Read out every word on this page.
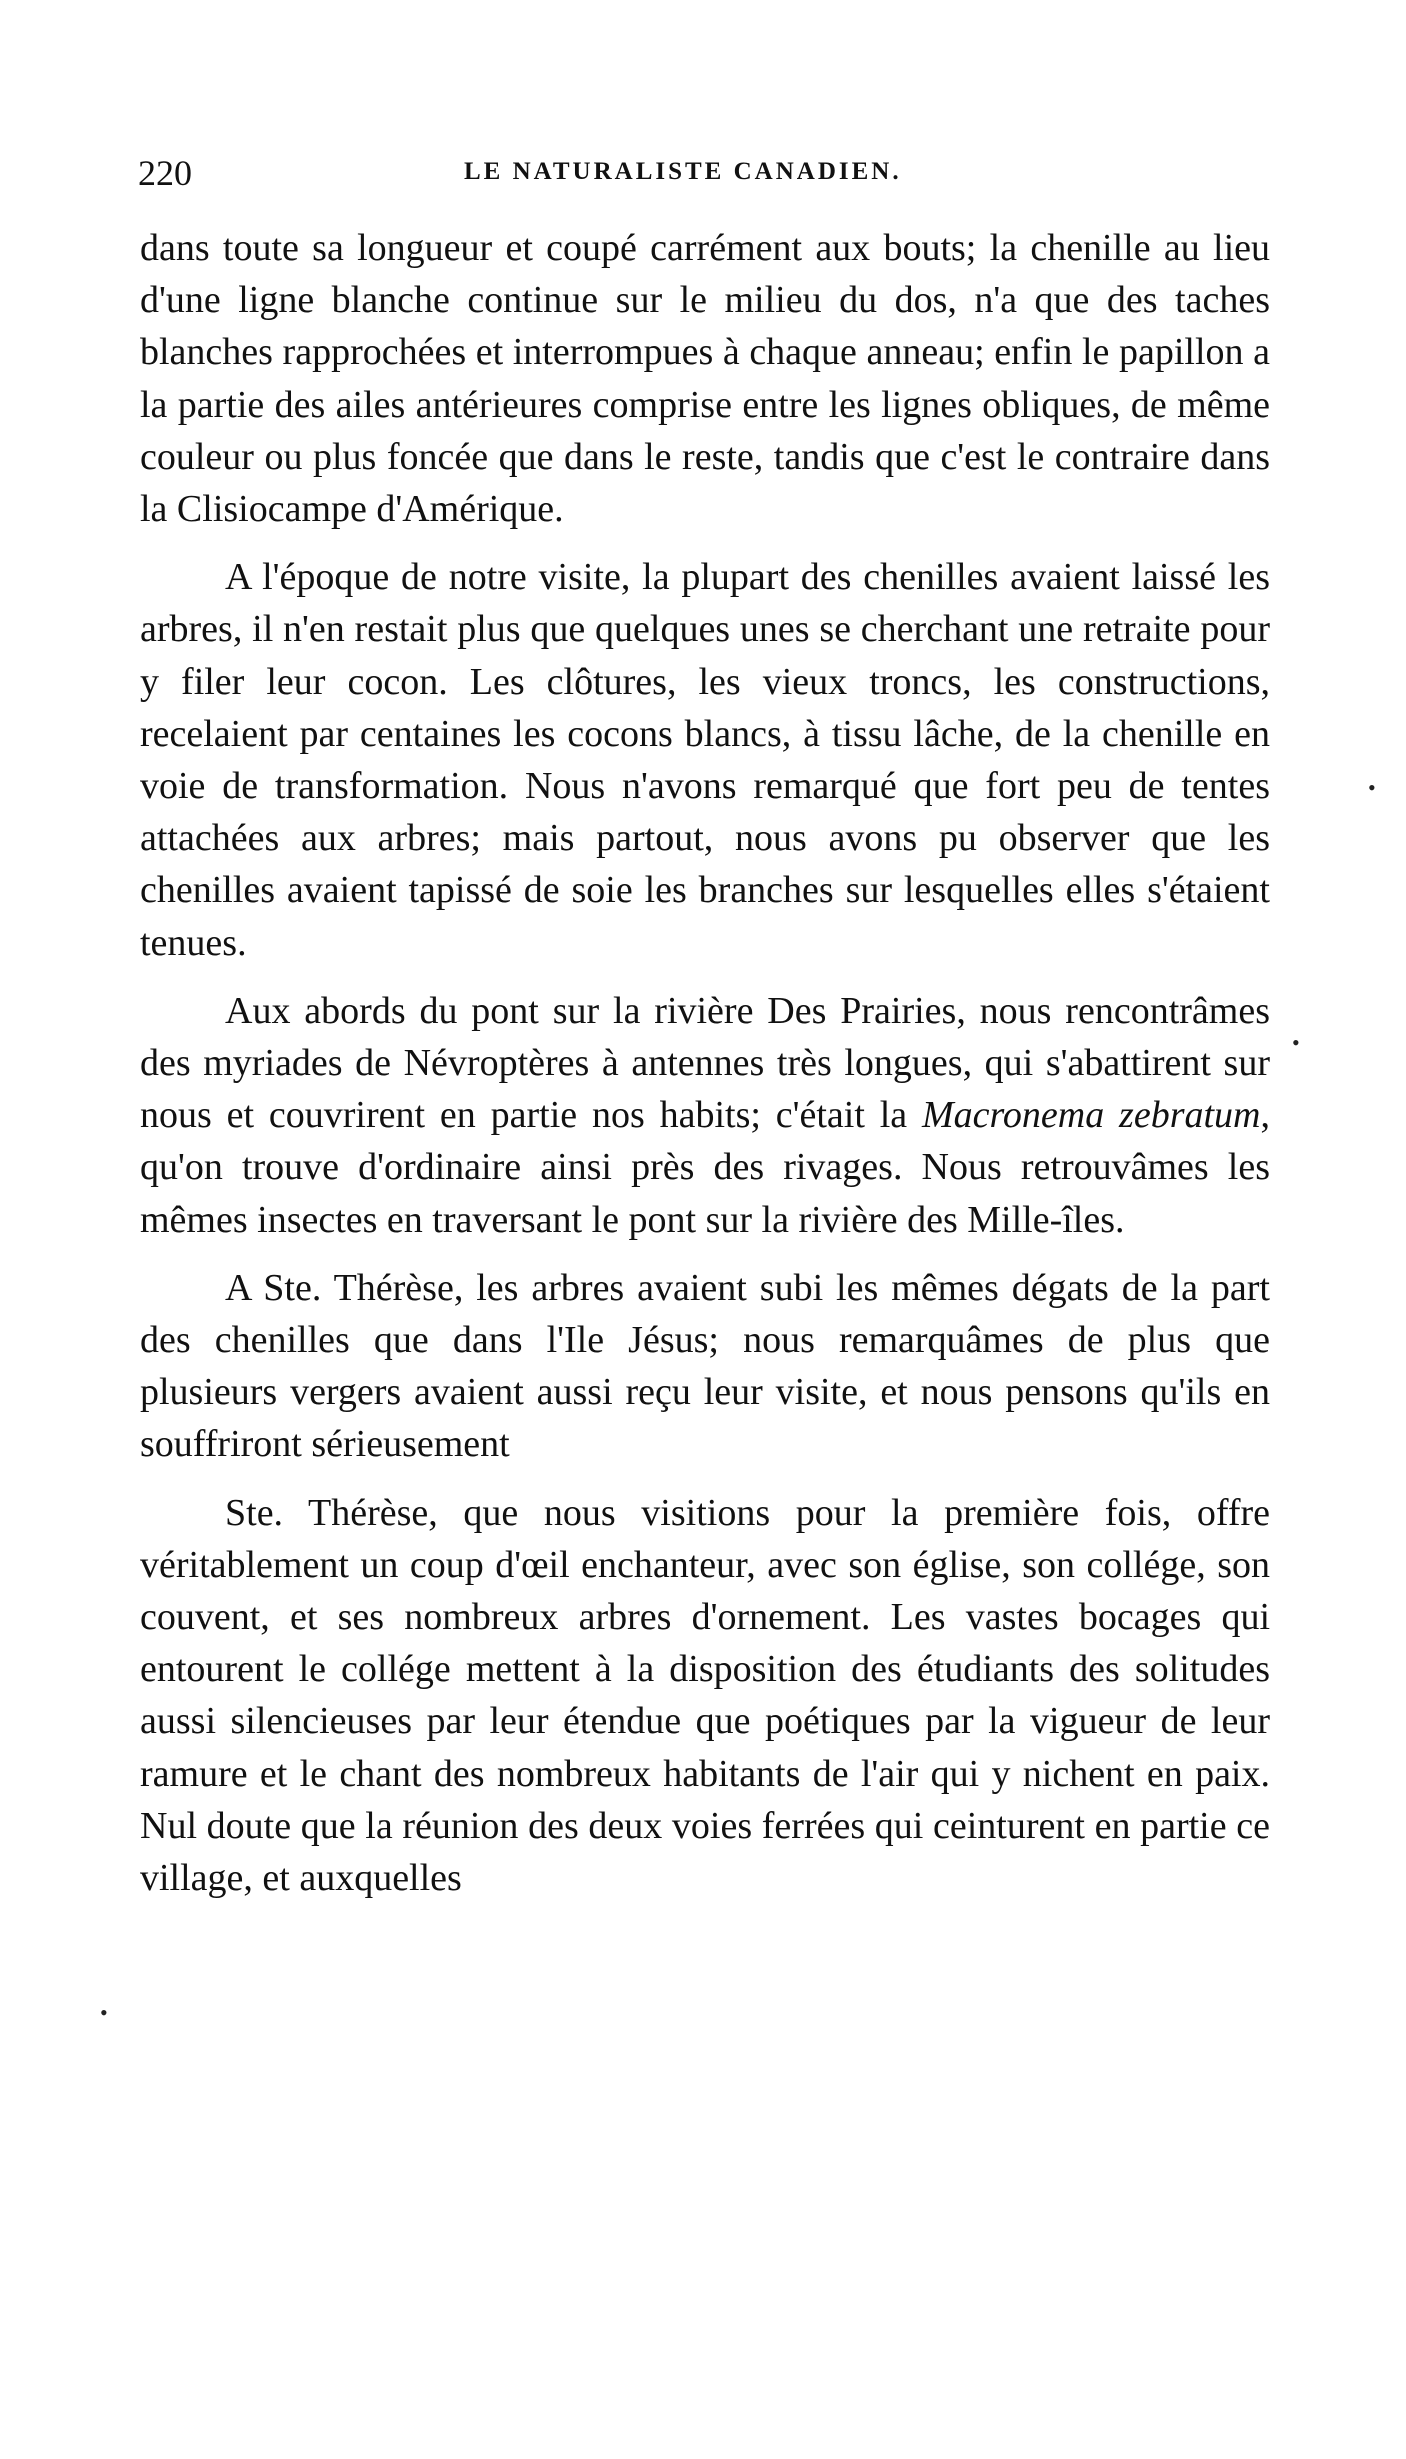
220	LE NATURALISTE CANADIEN.

dans toute sa longueur et coupé carrément aux bouts; la chenille au lieu d'une ligne blanche continue sur le milieu du dos, n'a que des taches blanches rapprochées et interrompues à chaque anneau; enfin le papillon a la partie des ailes antérieures comprise entre les lignes obliques, de même couleur ou plus foncée que dans le reste, tandis que c'est le contraire dans la Clisiocampe d'Amérique.

A l'époque de notre visite, la plupart des chenilles avaient laissé les arbres, il n'en restait plus que quelques unes se cherchant une retraite pour y filer leur cocon. Les clôtures, les vieux troncs, les constructions, recelaient par centaines les cocons blancs, à tissu lâche, de la chenille en voie de transformation. Nous n'avons remarqué que fort peu de tentes attachées aux arbres; mais partout, nous avons pu observer que les chenilles avaient tapissé de soie les branches sur lesquelles elles s'étaient tenues.

Aux abords du pont sur la rivière Des Prairies, nous rencontrâmes des myriades de Névroptères à antennes très longues, qui s'abattirent sur nous et couvrirent en partie nos habits; c'était la Macronema zebratum, qu'on trouve d'ordinaire ainsi près des rivages. Nous retrouvâmes les mêmes insectes en traversant le pont sur la rivière des Mille-îles.

A Ste. Thérèse, les arbres avaient subi les mêmes dégats de la part des chenilles que dans l'Ile Jésus; nous remarquâmes de plus que plusieurs vergers avaient aussi reçu leur visite, et nous pensons qu'ils en souffriront sérieusement

Ste. Thérèse, que nous visitions pour la première fois, offre véritablement un coup d'œil enchanteur, avec son église, son collége, son couvent, et ses nombreux arbres d'ornement. Les vastes bocages qui entourent le collége mettent à la disposition des étudiants des solitudes aussi silencieuses par leur étendue que poétiques par la vigueur de leur ramure et le chant des nombreux habitants de l'air qui y nichent en paix. Nul doute que la réunion des deux voies ferrées qui ceinturent en partie ce village, et auxquelles

•
•
•
